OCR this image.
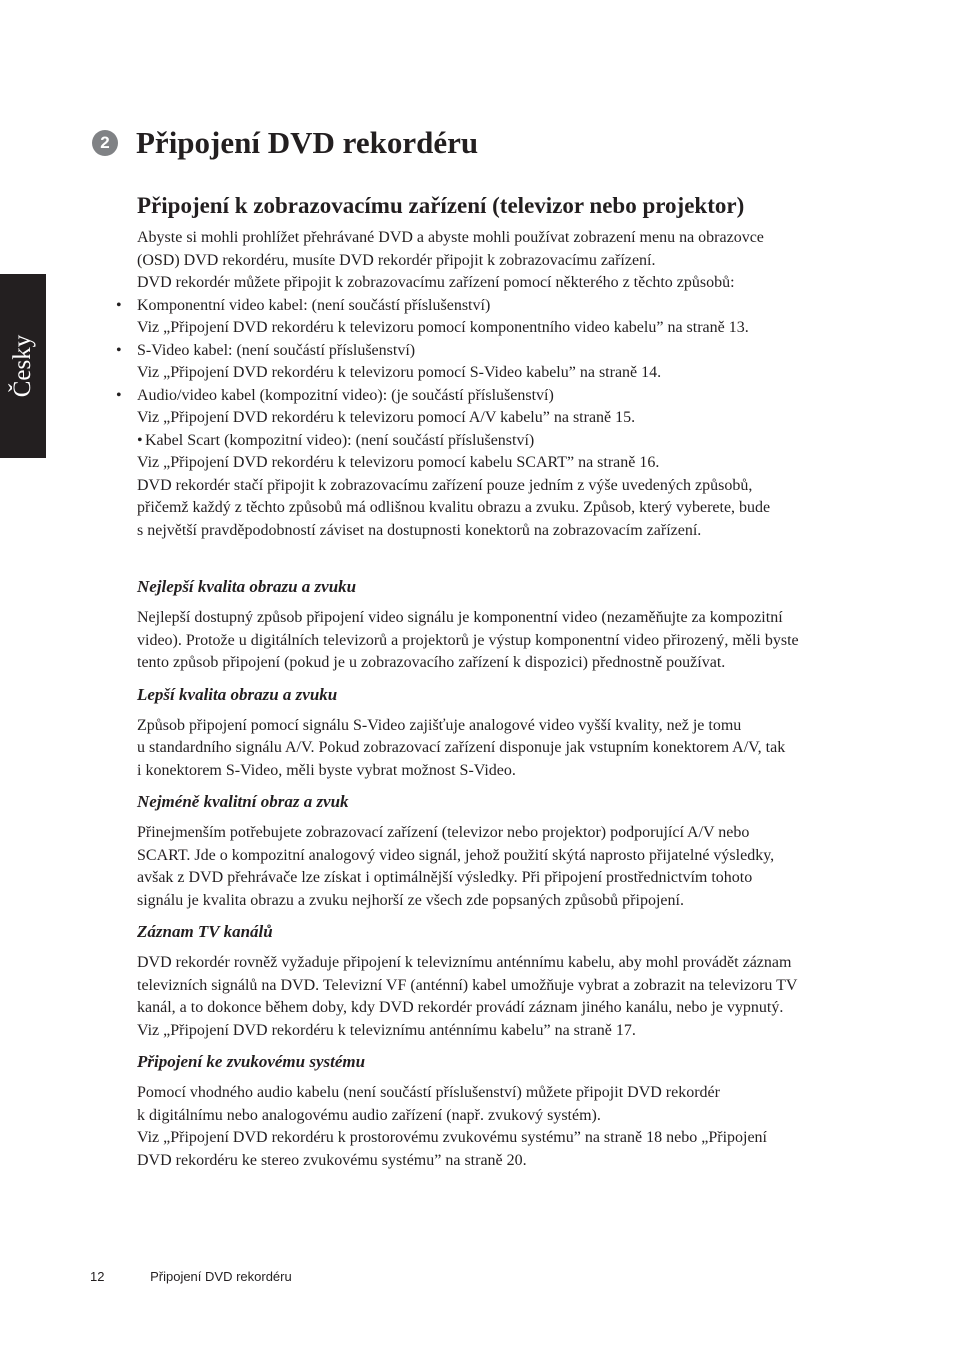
Česky
2 Připojení DVD rekordéru
Připojení k zobrazovacímu zařízení (televizor nebo projektor)

Abyste si mohli prohlížet přehrávané DVD a abyste mohli používat zobrazení menu na obrazovce
(OSD) DVD rekordéru, musíte DVD rekordér připojit k zobrazovacímu zařízení.
DVD rekordér můžete připojit k zobrazovacímu zařízení pomocí některého z těchto způsobů:

• Komponentní video kabel: (není součástí příslušenství)
Viz „Připojení DVD rekordéru k televizoru pomocí komponentního video kabelu” na straně 13.
• S-Video kabel: (není součástí příslušenství)
Viz „Připojení DVD rekordéru k televizoru pomocí S-Video kabelu” na straně 14.
• Audio/video kabel (kompozitní video): (je součástí příslušenství)
Viz „Připojení DVD rekordéru k televizoru pomocí A/V kabelu” na straně 15.
• Kabel Scart (kompozitní video): (není součástí příslušenství)
Viz „Připojení DVD rekordéru k televizoru pomocí kabelu SCART” na straně 16.

DVD rekordér stačí připojit k zobrazovacímu zařízení pouze jedním z výše uvedených způsobů,
přičemž každý z těchto způsobů má odlišnou kvalitu obrazu a zvuku. Způsob, který vyberete, bude
s největší pravděpodobností záviset na dostupnosti konektorů na zobrazovacím zařízení.

Nejlepší kvalita obrazu a zvuku

Nejlepší dostupný způsob připojení video signálu je komponentní video (nezaměňujte za kompozitní
video). Protože u digitálních televizorů a projektorů je výstup komponentní video přirozený, měli byste
tento způsob připojení (pokud je u zobrazovacího zařízení k dispozici) přednostně používat.

Lepší kvalita obrazu a zvuku

Způsob připojení pomocí signálu S-Video zajišťuje analogové video vyšší kvality, než je tomu
u standardního signálu A/V. Pokud zobrazovací zařízení disponuje jak vstupním konektorem A/V, tak
i konektorem S-Video, měli byste vybrat možnost S-Video.

Nejméně kvalitní obraz a zvuk

Přinejmenším potřebujete zobrazovací zařízení (televizor nebo projektor) podporující A/V nebo
SCART. Jde o kompozitní analogový video signál, jehož použití skýtá naprosto přijatelné výsledky,
avšak z DVD přehrávače lze získat i optimálnější výsledky. Při připojení prostřednictvím tohoto
signálu je kvalita obrazu a zvuku nejhorší ze všech zde popsaných způsobů připojení.

Záznam TV kanálů

DVD rekordér rovněž vyžaduje připojení k televiznímu anténnímu kabelu, aby mohl provádět záznam
televizních signálů na DVD. Televizní VF (anténní) kabel umožňuje vybrat a zobrazit na televizoru TV
kanál, a to dokonce během doby, kdy DVD rekordér provádí záznam jiného kanálu, nebo je vypnutý.
Viz „Připojení DVD rekordéru k televiznímu anténnímu kabelu” na straně 17.

Připojení ke zvukovému systému

Pomocí vhodného audio kabelu (není součástí příslušenství) můžete připojit DVD rekordér
k digitálnímu nebo analogovému audio zařízení (např. zvukový systém).
Viz „Připojení DVD rekordéru k prostorovému zvukovému systému” na straně 18 nebo „Připojení
DVD rekordéru ke stereo zvukovému systému” na straně 20.

12	Připojení DVD rekordéru
